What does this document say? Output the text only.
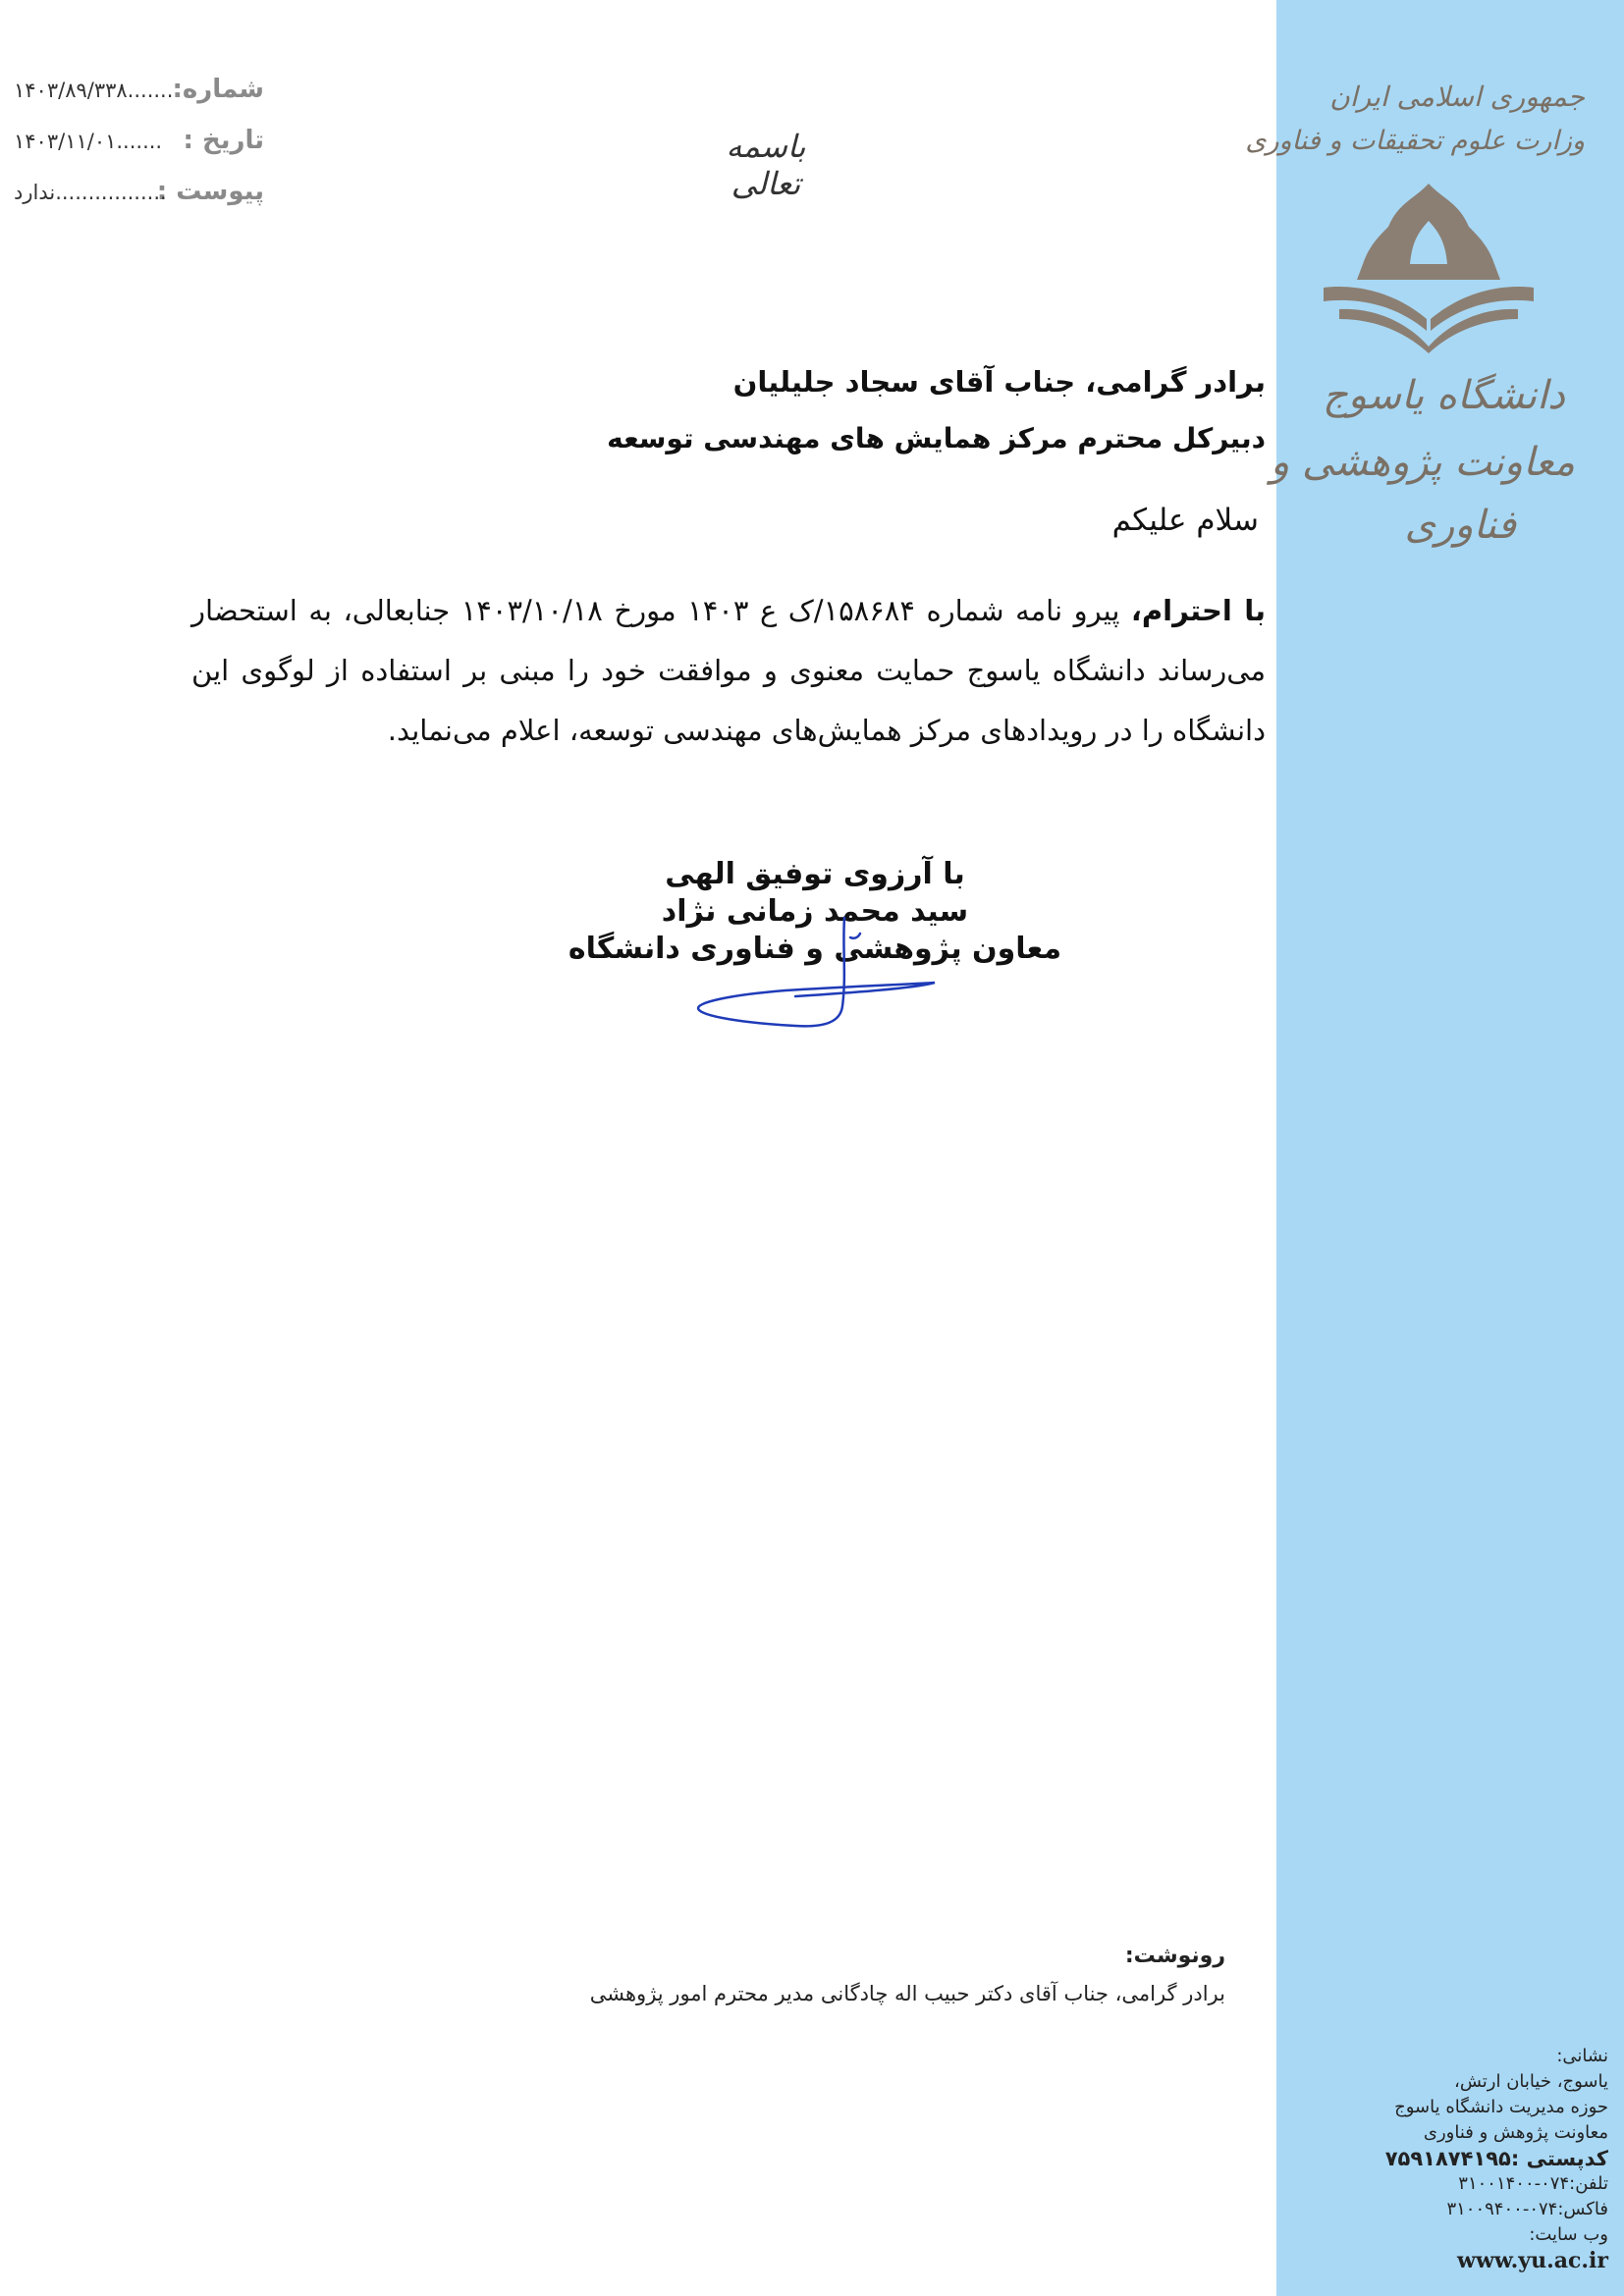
جمهوری اسلامی ایران
وزارت علوم تحقیقات و فناوری
دانشگاه یاسوج
معاونت پژوهشی و
فناوری
نشانی:
یاسوج، خیابان ارتش،
حوزه مدیریت دانشگاه یاسوج
معاونت پژوهش و فناوری
کدپستی :۷۵۹۱۸۷۴۱۹۵
تلفن:۰۷۴-۳۱۰۰۱۴۰۰
فاکس:۰۷۴-۳۱۰۰۹۴۰۰
وب سایت:
www.yu.ac.ir
شماره:
۱۴۰۳/۸۹/۳۳۸.......
تاریخ :
۱۴۰۳/۱۱/۰۱.......
پیوست :
ندارد.................
باسمه تعالی
برادر گرامی، جناب آقای سجاد جلیلیان
دبیرکل محترم مرکز همایش های مهندسی توسعه
سلام علیکم
با احترام، پیرو نامه شماره ۱۵۸۶۸۴/ک ع ۱۴۰۳ مورخ ۱۴۰۳/۱۰/۱۸ جنابعالی، به استحضار می‌رساند دانشگاه یاسوج حمایت معنوی و موافقت خود را مبنی بر استفاده از لوگوی این دانشگاه را در رویدادهای مرکز همایش‌های مهندسی توسعه، اعلام می‌نماید.
با آرزوی توفیق الهی
سید محمد زمانی نژاد
معاون پژوهشی و فناوری دانشگاه
رونوشت:
برادر گرامی، جناب آقای دکتر حبیب اله چادگانی مدیر محترم امور پژوهشی
